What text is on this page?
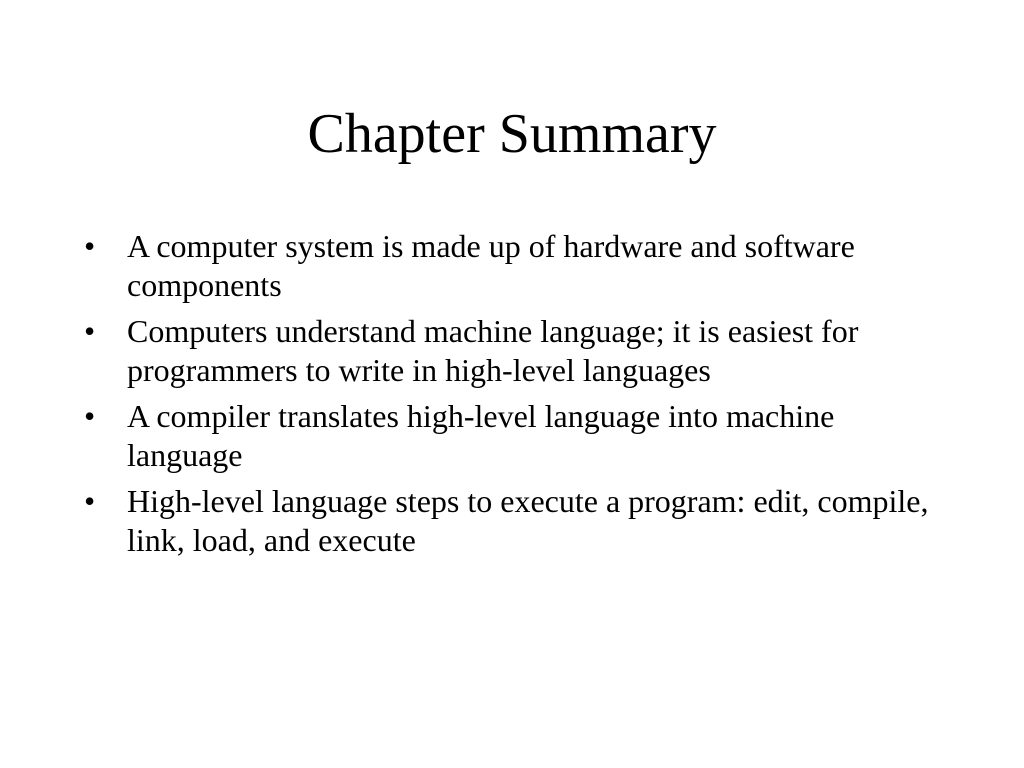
Chapter Summary
• A computer system is made up of hardware and software components
• Computers understand machine language; it is easiest for programmers to write in high-level languages
• A compiler translates high-level language into machine language
• High-level language steps to execute a program: edit, compile, link, load, and execute
